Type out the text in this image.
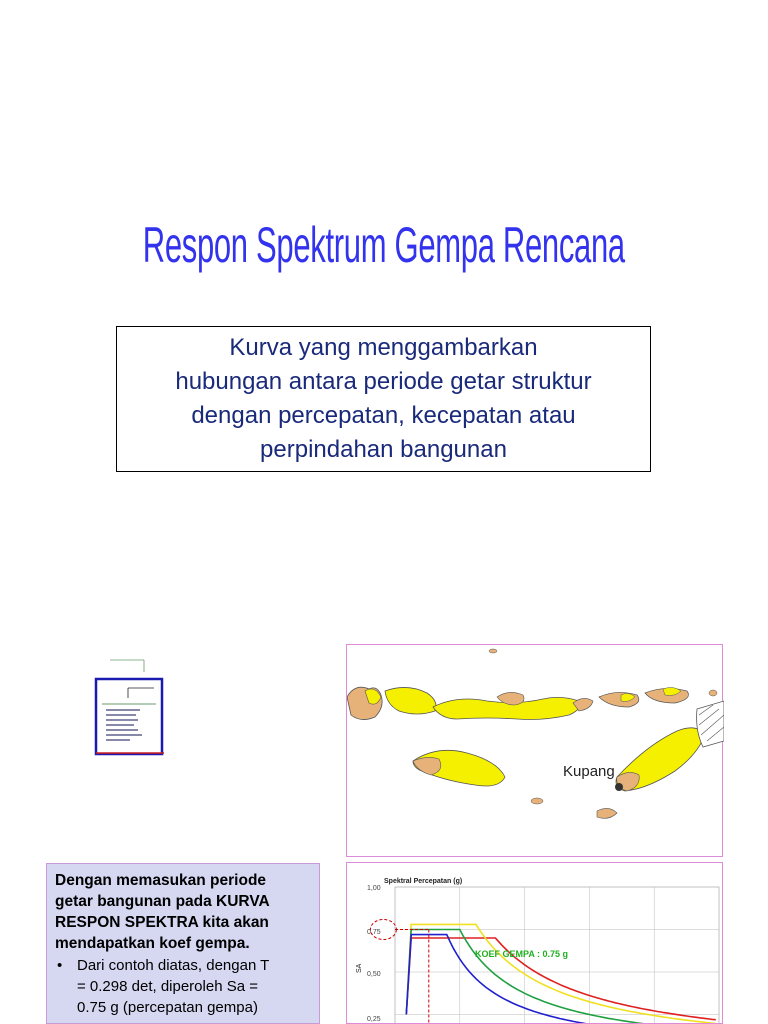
Respon Spektrum Gempa Rencana
Kurva yang menggambarkan
hubungan antara periode getar struktur
dengan percepatan, kecepatan atau
perpindahan bangunan
Kupang

Dengan memasukan periode

getar bangunan pada KURVA

RESPON SPEKTRA kita akan

mendapatkan koef gempa.

• Dari contoh diatas, dengan T
= 0.298 det, diperoleh Sa =
0.75 g (percepatan gempa)
Spektral Percepatan (g)
SA
1,00
0,75
0,50
0,25
KOEF GEMPA : 0.75 g
